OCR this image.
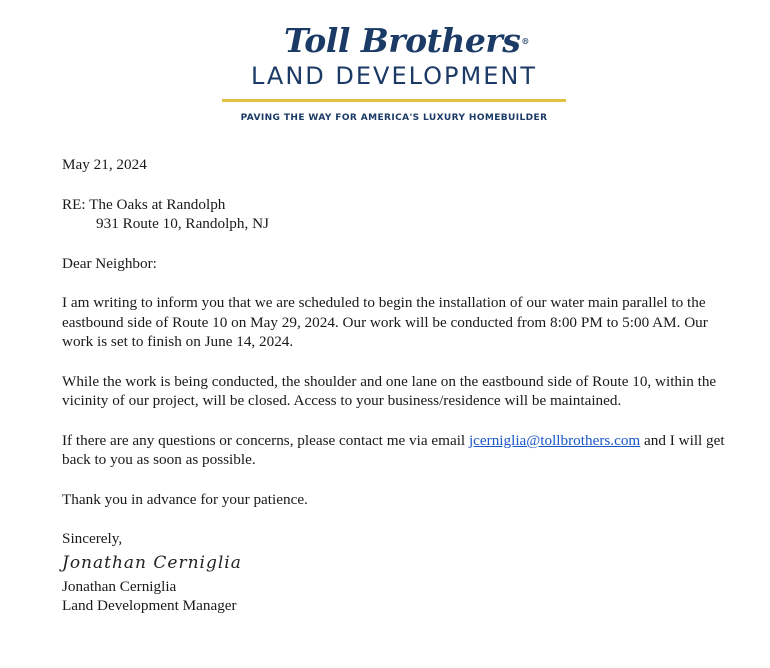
Toll Brothers®
LAND DEVELOPMENT
PAVING THE WAY FOR AMERICA'S LUXURY HOMEBUILDER

May 21, 2024

RE: The Oaks at Randolph

931 Route 10, Randolph, NJ

Dear Neighbor:

I am writing to inform you that we are scheduled to begin the installation of our water main parallel to the eastbound side of Route 10 on May 29, 2024. Our work will be conducted from 8:00 PM to 5:00 AM. Our work is set to finish on June 14, 2024.

While the work is being conducted, the shoulder and one lane on the eastbound side of Route 10, within the vicinity of our project, will be closed. Access to your business/residence will be maintained.

If there are any questions or concerns, please contact me via email jcerniglia@tollbrothers.com and I will get back to you as soon as possible.

Thank you in advance for your patience.

Sincerely,

Jonathan Cerniglia

Jonathan Cerniglia

Land Development Manager
